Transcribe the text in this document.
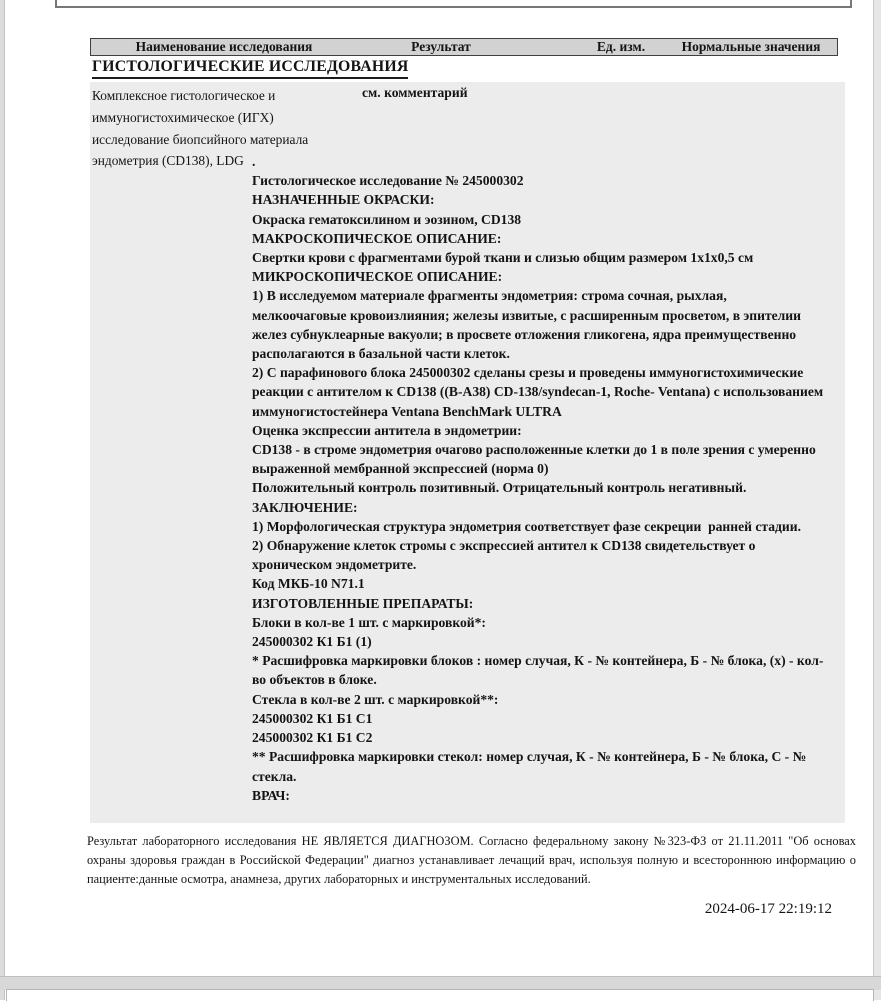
Наименование исследования	Результат	Ед. изм.	Нормальные значения
ГИСТОЛОГИЧЕСКИЕ ИССЛЕДОВАНИЯ
Комплексное гистологическое и
иммуногистохимическое (ИГХ)
исследование биопсийного материала
эндометрия (CD138), LDG
см. комментарий
.
Гистологическое исследование № 245000302
НАЗНАЧЕННЫЕ ОКРАСКИ:
Окраска гематоксилином и эозином, CD138
МАКРОСКОПИЧЕСКОЕ ОПИСАНИЕ:
Свертки крови с фрагментами бурой ткани и слизью общим размером 1х1х0,5 см
МИКРОСКОПИЧЕСКОЕ ОПИСАНИЕ:
1) В исследуемом материале фрагменты эндометрия: строма сочная, рыхлая, мелкоочаговые кровоизлияния; железы извитые, с расширенным просветом, в эпителии желез субнуклеарные вакуоли; в просвете отложения гликогена, ядра преимущественно располагаются в базальной части клеток.
2) С парафинового блока 245000302 сделаны срезы и проведены иммуногистохимические реакции с антителом к CD138 ((B-A38) CD-138/syndecan-1, Roche- Ventana) с использованием  иммуногистостейнера Ventana BenchMark ULTRA
Оценка экспрессии антитела в эндометрии:
CD138 - в строме эндометрия очагово расположенные клетки до 1 в поле зрения с умеренно выраженной мембранной экспрессией (норма 0)
Положительный контроль позитивный. Отрицательный контроль негативный.
ЗАКЛЮЧЕНИЕ:
1) Морфологическая структура эндометрия соответствует фазе секреции  ранней стадии.
2) Обнаружение клеток стромы с экспрессией антител к CD138 свидетельствует о хроническом эндометрите.
Код МКБ-10 N71.1
ИЗГОТОВЛЕННЫЕ ПРЕПАРАТЫ:
Блоки в кол-ве 1 шт. с маркировкой*:
245000302 К1 Б1 (1)
* Расшифровка маркировки блоков : номер случая, К - № контейнера, Б - № блока, (х) - кол-во объектов в блоке.
Стекла в кол-ве 2 шт. с маркировкой**:
245000302 К1 Б1 С1
245000302 К1 Б1 С2
** Расшифровка маркировки стекол: номер случая, К - № контейнера, Б - № блока, С - № стекла.
ВРАЧ:
Результат лабораторного исследования НЕ ЯВЛЯЕТСЯ ДИАГНОЗОМ. Согласно федеральному закону №323-ФЗ от 21.11.2011 "Об основах охраны здоровья граждан в Российской Федерации" диагноз устанавливает лечащий врач, используя полную и всестороннюю информацию о пациенте:данные осмотра, анамнеза, других лабораторных и инструментальных исследований.
2024-06-17 22:19:12
